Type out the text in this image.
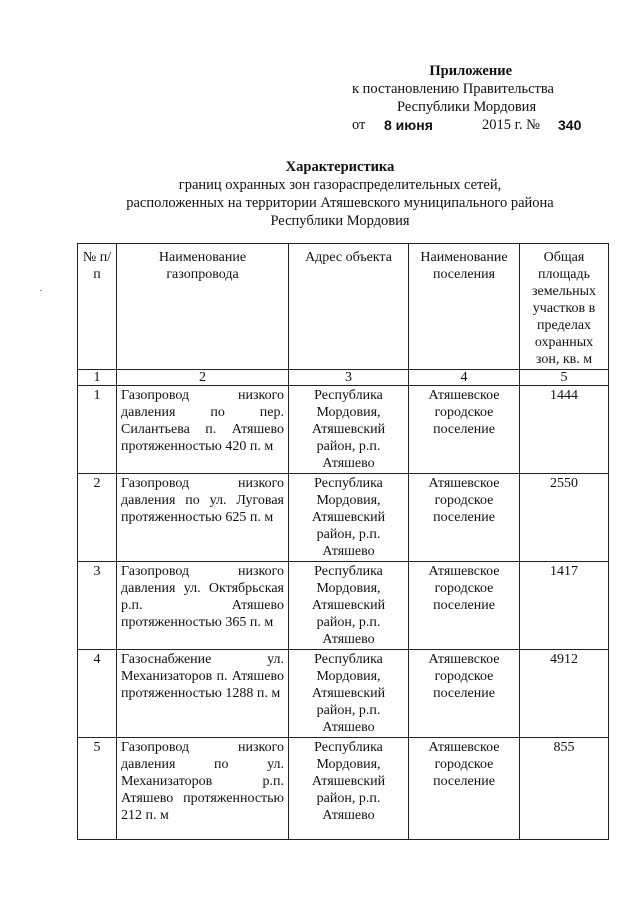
Приложение
к постановлению Правительства
Республики Мордовия
от 8 июня	2015 г. № 340
Характеристика
границ охранных зон газораспределительных сетей,
расположенных на территории Атяшевского муниципального района
Республики Мордовия
№ п/п	Наименование газопровода	Адрес объекта	Наименование поселения	Общая площадь земельных участков в пределах охранных зон, кв. м
1	2	3	4	5
1	Газопровод низкого давления по пер. Силантьева п. Атяшево протяженностью 420 п. м	Республика Мордовия, Атяшевский район, р.п. Атяшево	Атяшевское городское поселение	1444
2	Газопровод низкого давления по ул. Луговая протяженностью 625 п. м	Республика Мордовия, Атяшевский район, р.п. Атяшево	Атяшевское городское поселение	2550
3	Газопровод низкого давления ул. Октябрьская р.п. Атяшево протяженностью 365 п. м	Республика Мордовия, Атяшевский район, р.п. Атяшево	Атяшевское городское поселение	1417
4	Газоснабжение ул. Механизаторов п. Атяшево протяженностью 1288 п. м	Республика Мордовия, Атяшевский район, р.п. Атяшево	Атяшевское городское поселение	4912
5	Газопровод низкого давления по ул. Механизаторов р.п. Атяшево протяженностью 212 п. м	Республика Мордовия, Атяшевский район, р.п. Атяшево	Атяшевское городское поселение	855
